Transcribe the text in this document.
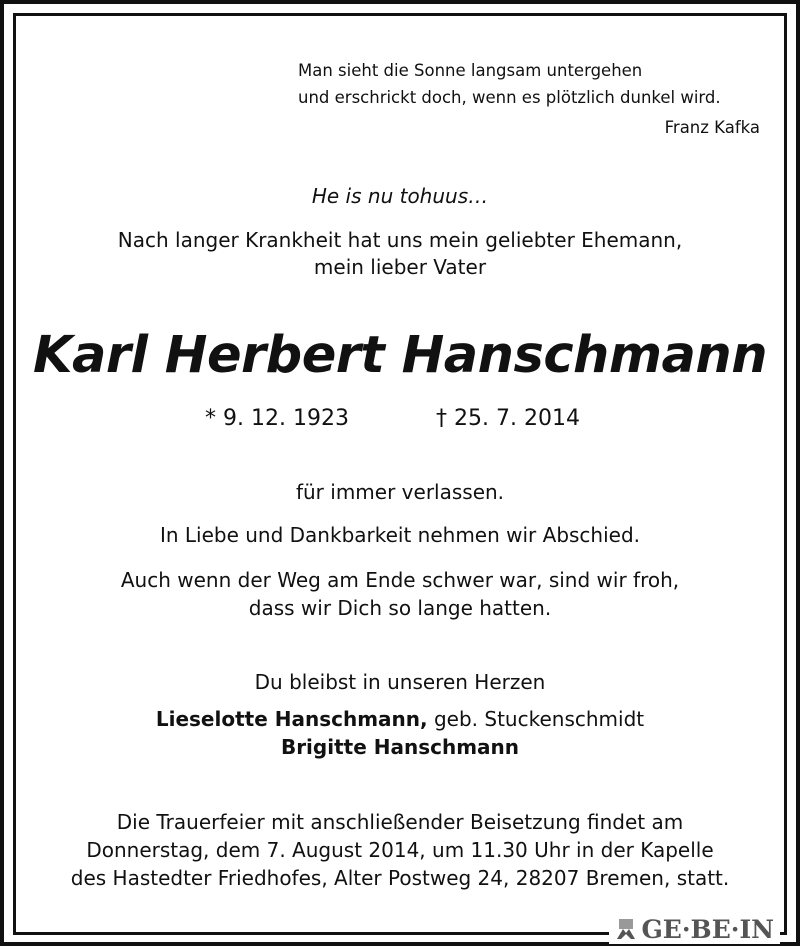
Man sieht die Sonne langsam untergehen
und erschrickt doch, wenn es plötzlich dunkel wird.
Franz Kafka
He is nu tohuus…
Nach langer Krankheit hat uns mein geliebter Ehemann,
mein lieber Vater
Karl Herbert Hanschmann
* 9. 12. 1923	† 25. 7. 2014
für immer verlassen.
In Liebe und Dankbarkeit nehmen wir Abschied.
Auch wenn der Weg am Ende schwer war, sind wir froh,
dass wir Dich so lange hatten.
Du bleibst in unseren Herzen
Lieselotte Hanschmann, geb. Stuckenschmidt
Brigitte Hanschmann
Die Trauerfeier mit anschließender Beisetzung findet am
Donnerstag, dem 7. August 2014, um 11.30 Uhr in der Kapelle
des Hastedter Friedhofes, Alter Postweg 24, 28207 Bremen, statt.
GE·BE·IN
